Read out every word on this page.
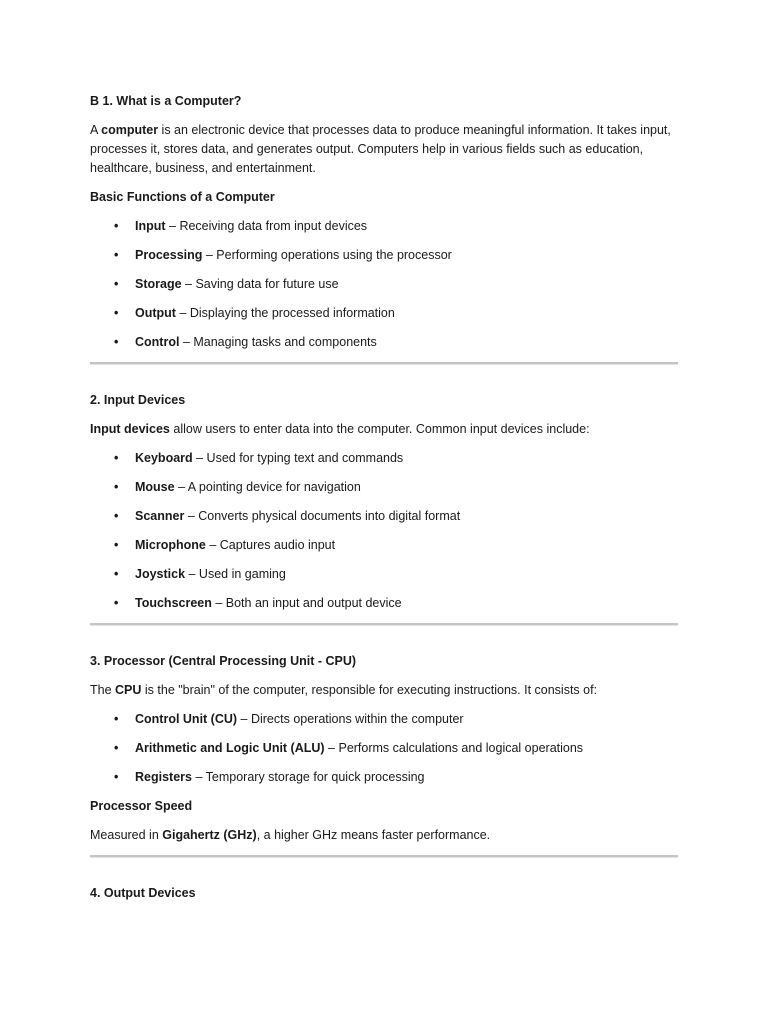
B 1. What is a Computer?

A computer is an electronic device that processes data to produce meaningful information. It takes input, processes it, stores data, and generates output. Computers help in various fields such as education, healthcare, business, and entertainment.

Basic Functions of a Computer
• Input – Receiving data from input devices
• Processing – Performing operations using the processor
• Storage – Saving data for future use
• Output – Displaying the processed information
• Control – Managing tasks and components
2. Input Devices

Input devices allow users to enter data into the computer. Common input devices include:

• Keyboard – Used for typing text and commands
• Mouse – A pointing device for navigation
• Scanner – Converts physical documents into digital format
• Microphone – Captures audio input
• Joystick – Used in gaming
• Touchscreen – Both an input and output device
3. Processor (Central Processing Unit - CPU)

The CPU is the "brain" of the computer, responsible for executing instructions. It consists of:

• Control Unit (CU) – Directs operations within the computer
• Arithmetic and Logic Unit (ALU) – Performs calculations and logical operations
• Registers – Temporary storage for quick processing
Processor Speed

Measured in Gigahertz (GHz), a higher GHz means faster performance.

4. Output Devices
